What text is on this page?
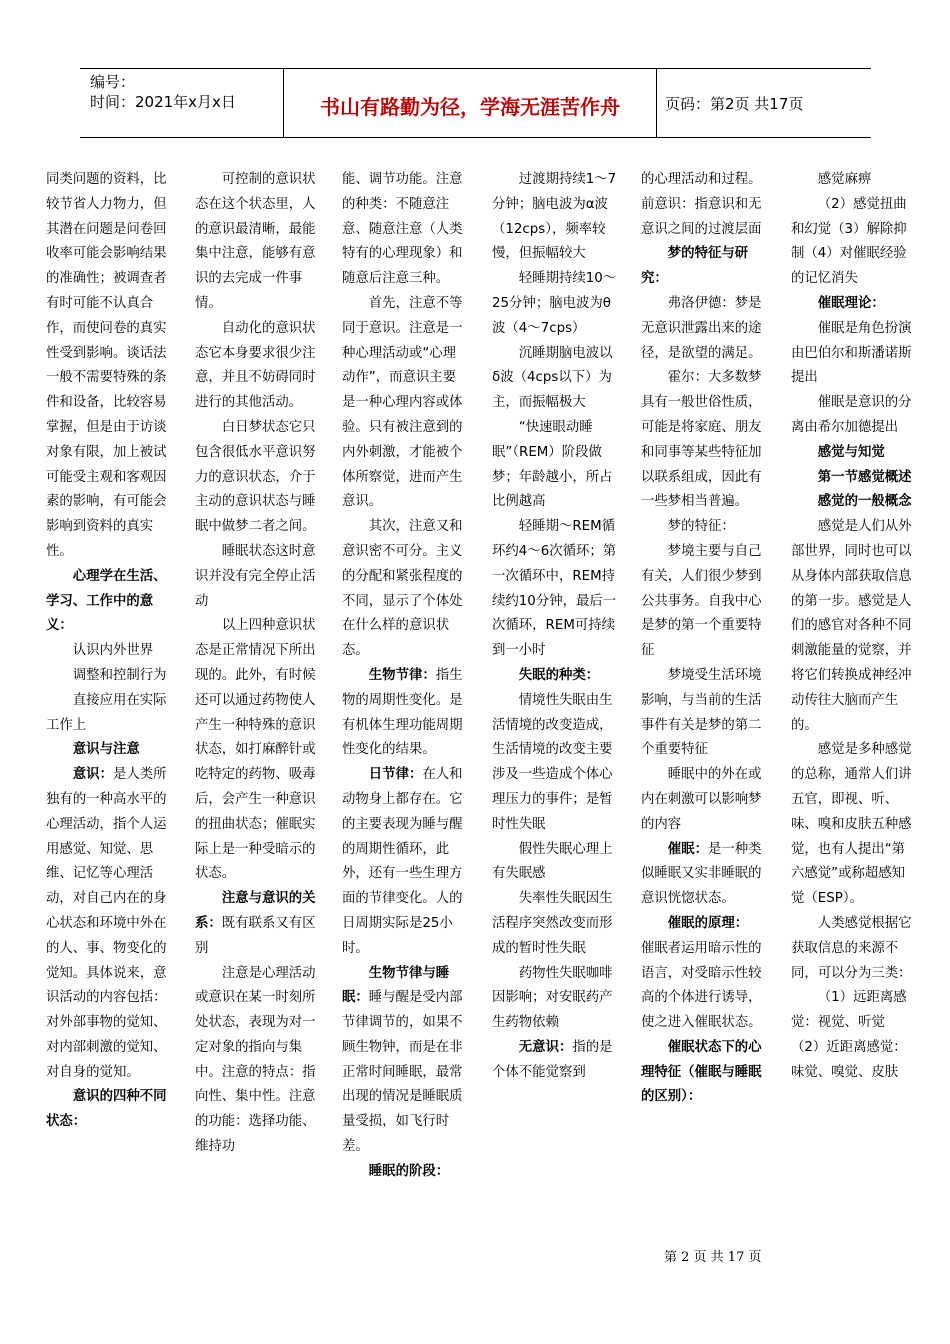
编号：
时间：2021年x月x日	书山有路勤为径，学海无涯苦作舟	页码：第2页 共17页

同类问题的资料，比较节省人力物力，但其潜在问题是问卷回收率可能会影响结果的准确性；被调查者有时可能不认真合作，而使问卷的真实性受到影响。谈话法一般不需要特殊的条件和设备，比较容易掌握，但是由于访谈对象有限，加上被试可能受主观和客观因素的影响，有可能会影响到资料的真实性。

心理学在生活、学习、工作中的意义：

认识内外世界

调整和控制行为

直接应用在实际工作上

意识与注意

意识：是人类所独有的一种高水平的心理活动，指个人运用感觉、知觉、思维、记忆等心理活动，对自己内在的身心状态和环境中外在的人、事、物变化的觉知。具体说来，意识活动的内容包括：对外部事物的觉知、对内部刺激的觉知、对自身的觉知。

意识的四种不同状态：

可控制的意识状态在这个状态里，人的意识最清晰，最能集中注意，能够有意识的去完成一件事情。

自动化的意识状态它本身要求很少注意，并且不妨碍同时进行的其他活动。

白日梦状态它只包含很低水平意识努力的意识状态，介于主动的意识状态与睡眠中做梦二者之间。

睡眠状态这时意识并没有完全停止活动

以上四种意识状态是正常情况下所出现的。此外，有时候还可以通过药物使人产生一种特殊的意识状态，如打麻醉针或吃特定的药物、吸毒后，会产生一种意识的扭曲状态；催眠实际上是一种受暗示的状态。

注意与意识的关系：既有联系又有区别

注意是心理活动或意识在某一时刻所处状态，表现为对一定对象的指向与集中。注意的特点：指向性、集中性。注意的功能：选择功能、维持功

能、调节功能。注意的种类：不随意注意、随意注意（人类特有的心理现象）和随意后注意三种。

首先，注意不等同于意识。注意是一种心理活动或“心理动作”，而意识主要是一种心理内容或体验。只有被注意到的内外刺激，才能被个体所察觉，进而产生意识。

其次，注意又和意识密不可分。主义的分配和紧张程度的不同，显示了个体处在什么样的意识状态。

生物节律：指生物的周期性变化。是有机体生理功能周期性变化的结果。

日节律：在人和动物身上都存在。它的主要表现为睡与醒的周期性循环，此外，还有一些生理方面的节律变化。人的日周期实际是25小时。

生物节律与睡眠：睡与醒是受内部节律调节的，如果不顾生物钟，而是在非正常时间睡眠，最常出现的情况是睡眠质量受损，如飞行时差。

睡眠的阶段：

过渡期持续1～7分钟；脑电波为α波（12cps），频率较慢，但振幅较大

轻睡期持续10～25分钟；脑电波为θ波（4～7cps）

沉睡期脑电波以δ波（4cps以下）为主，而振幅极大

“快速眼动睡眠”（REM）阶段做梦；年龄越小，所占比例越高

轻睡期～REM循环约4～6次循环；第一次循环中，REM持续约10分钟，最后一次循环，REM可持续到一小时

失眠的种类：

情境性失眠由生活情境的改变造成，生活情境的改变主要涉及一些造成个体心理压力的事件；是暂时性失眠

假性失眠心理上有失眠感

失率性失眠因生活程序突然改变而形成的暂时性失眠

药物性失眠咖啡因影响；对安眠药产生药物依赖

无意识：指的是个体不能觉察到

的心理活动和过程。前意识：指意识和无意识之间的过渡层面

梦的特征与研究：

弗洛伊德：梦是无意识泄露出来的途径，是欲望的满足。

霍尔：大多数梦具有一般世俗性质，可能是将家庭、朋友和同事等某些特征加以联系组成，因此有一些梦相当普遍。

梦的特征：

梦境主要与自己有关，人们很少梦到公共事务。自我中心是梦的第一个重要特征

梦境受生活环境影响，与当前的生活事件有关是梦的第二个重要特征

睡眠中的外在或内在刺激可以影响梦的内容

催眠：是一种类似睡眠又实非睡眠的意识恍惚状态。

催眠的原理：
催眠者运用暗示性的语言，对受暗示性较高的个体进行诱导，使之进入催眠状态。

催眠状态下的心理特征（催眠与睡眠的区别）：

感觉麻痹

（2）感觉扭曲和幻觉（3）解除抑制（4）对催眠经验的记忆消失

催眠理论：

催眠是角色扮演由巴伯尔和斯潘诺斯提出

催眠是意识的分离由希尔加德提出

感觉与知觉

第一节感觉概述

感觉的一般概念

感觉是人们从外部世界，同时也可以从身体内部获取信息的第一步。感觉是人们的感官对各种不同刺激能量的觉察，并将它们转换成神经冲动传往大脑而产生的。

感觉是多种感觉的总称，通常人们讲五官，即视、听、味、嗅和皮肤五种感觉，也有人提出“第六感觉”或称超感知觉（ESP）。

人类感觉根据它获取信息的来源不同，可以分为三类：

（1）远距离感觉：视觉、听觉（2）近距离感觉：味觉、嗅觉、皮肤

第 2 页 共 17 页
